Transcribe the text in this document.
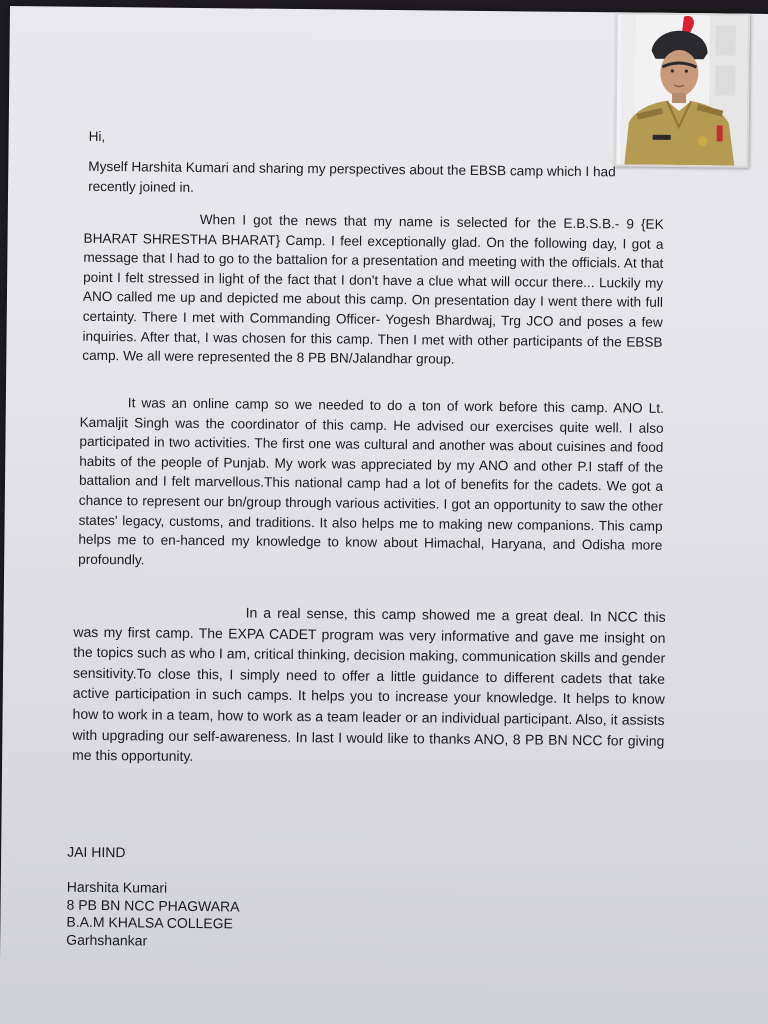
Hi,

Myself Harshita Kumari and sharing my perspectives about the EBSB camp which I had recently joined in.

When I got the news that my name is selected for the E.B.S.B.- 9 {EK BHARAT SHRESTHA BHARAT} Camp. I feel exceptionally glad. On the following day, I got a message that I had to go to the battalion for a presentation and meeting with the officials. At that point I felt stressed in light of the fact that I don't have a clue what will occur there... Luckily my ANO called me up and depicted me about this camp. On presentation day I went there with full certainty. There I met with Commanding Officer- Yogesh Bhardwaj, Trg JCO and poses a few inquiries. After that, I was chosen for this camp. Then I met with other participants of the EBSB camp. We all were represented the 8 PB BN/Jalandhar group.

It was an online camp so we needed to do a ton of work before this camp. ANO Lt. Kamaljit Singh was the coordinator of this camp. He advised our exercises quite well. I also participated in two activities. The first one was cultural and another was about cuisines and food habits of the people of Punjab. My work was appreciated by my ANO and other P.I staff of the battalion and I felt marvellous.This national camp had a lot of benefits for the cadets. We got a chance to represent our bn/group through various activities. I got an opportunity to saw the other states' legacy, customs, and traditions. It also helps me to making new companions. This camp helps me to en-hanced my knowledge to know about Himachal, Haryana, and Odisha more profoundly.

In a real sense, this camp showed me a great deal. In NCC this was my first camp. The EXPA CADET program was very informative and gave me insight on the topics such as who I am, critical thinking, decision making, communication skills and gender sensitivity.To close this, I simply need to offer a little guidance to different cadets that take active participation in such camps. It helps you to increase your knowledge. It helps to know how to work in a team, how to work as a team leader or an individual participant. Also, it assists with upgrading our self-awareness. In last I would like to thanks ANO, 8 PB BN NCC for giving me this opportunity.

JAI HIND

Harshita Kumari
8 PB BN NCC PHAGWARA
B.A.M KHALSA COLLEGE
Garhshankar
